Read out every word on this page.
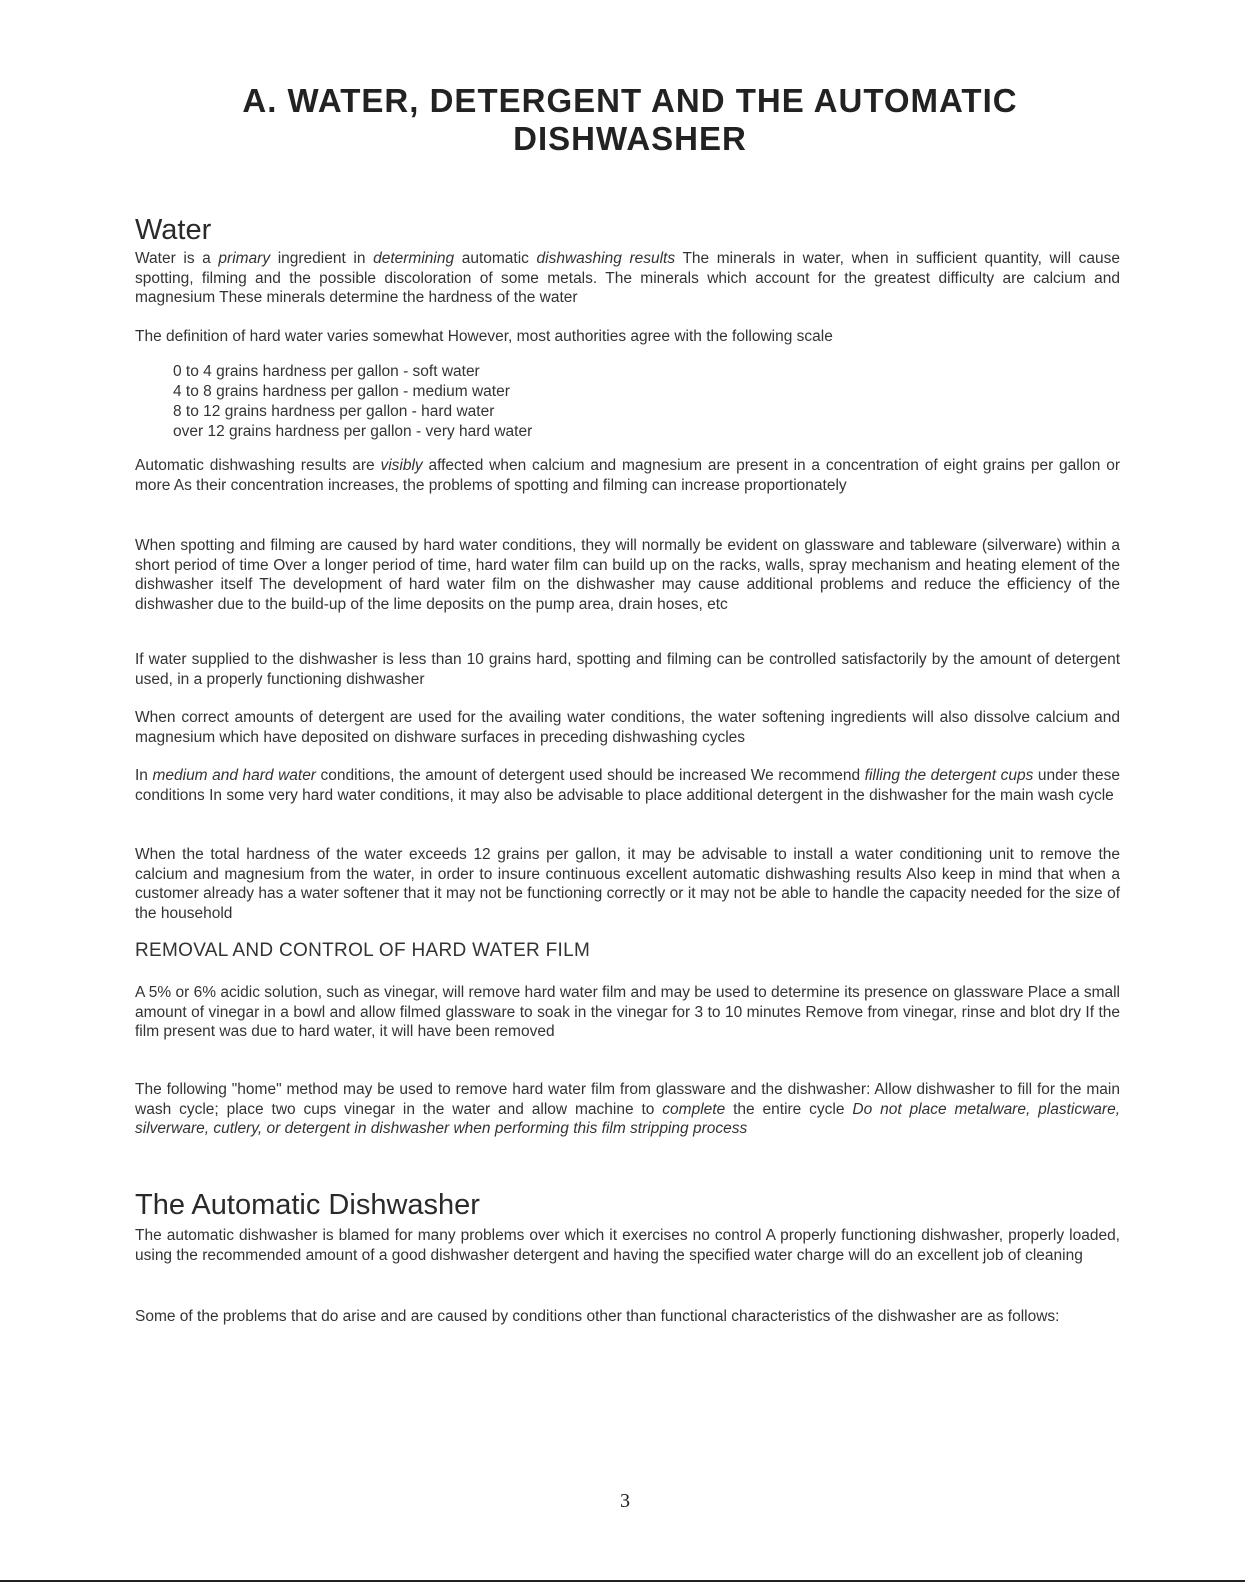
A. WATER, DETERGENT AND THE AUTOMATIC
DISHWASHER
Water
Water is a primary ingredient in determining automatic dishwashing results The minerals in water, when in sufficient quantity, will cause spotting, filming and the possible discoloration of some metals. The minerals which account for the greatest difficulty are calcium and magnesium These minerals determine the hardness of the water
The definition of hard water varies somewhat However, most authorities agree with the following scale
0 to 4 grains hardness per gallon - soft water
4 to 8 grains hardness per gallon - medium water
8 to 12 grains hardness per gallon - hard water
over 12 grains hardness per gallon - very hard water
Automatic dishwashing results are visibly affected when calcium and magnesium are present in a concentration of eight grains per gallon or more As their concentration increases, the problems of spotting and filming can increase proportionately
When spotting and filming are caused by hard water conditions, they will normally be evident on glassware and tableware (silverware) within a short period of time Over a longer period of time, hard water film can build up on the racks, walls, spray mechanism and heating element of the dishwasher itself The development of hard water film on the dishwasher may cause additional problems and reduce the efficiency of the dishwasher due to the build-up of the lime deposits on the pump area, drain hoses, etc
If water supplied to the dishwasher is less than 10 grains hard, spotting and filming can be controlled satisfactorily by the amount of detergent used, in a properly functioning dishwasher
When correct amounts of detergent are used for the availing water conditions, the water softening ingredients will also dissolve calcium and magnesium which have deposited on dishware surfaces in preceding dishwashing cycles
In medium and hard water conditions, the amount of detergent used should be increased We recommend filling the detergent cups under these conditions In some very hard water conditions, it may also be advisable to place additional detergent in the dishwasher for the main wash cycle
When the total hardness of the water exceeds 12 grains per gallon, it may be advisable to install a water conditioning unit to remove the calcium and magnesium from the water, in order to insure continuous excellent automatic dishwashing results Also keep in mind that when a customer already has a water softener that it may not be functioning correctly or it may not be able to handle the capacity needed for the size of the household
REMOVAL AND CONTROL OF HARD WATER FILM
A 5% or 6% acidic solution, such as vinegar, will remove hard water film and may be used to determine its presence on glassware Place a small amount of vinegar in a bowl and allow filmed glassware to soak in the vinegar for 3 to 10 minutes Remove from vinegar, rinse and blot dry If the film present was due to hard water, it will have been removed
The following "home" method may be used to remove hard water film from glassware and the dishwasher: Allow dishwasher to fill for the main wash cycle; place two cups vinegar in the water and allow machine to complete the entire cycle Do not place metalware, plasticware, silverware, cutlery, or detergent in dishwasher when performing this film stripping process
The Automatic Dishwasher
The automatic dishwasher is blamed for many problems over which it exercises no control A properly functioning dishwasher, properly loaded, using the recommended amount of a good dishwasher detergent and having the specified water charge will do an excellent job of cleaning
Some of the problems that do arise and are caused by conditions other than functional characteristics of the dishwasher are as follows:
3
